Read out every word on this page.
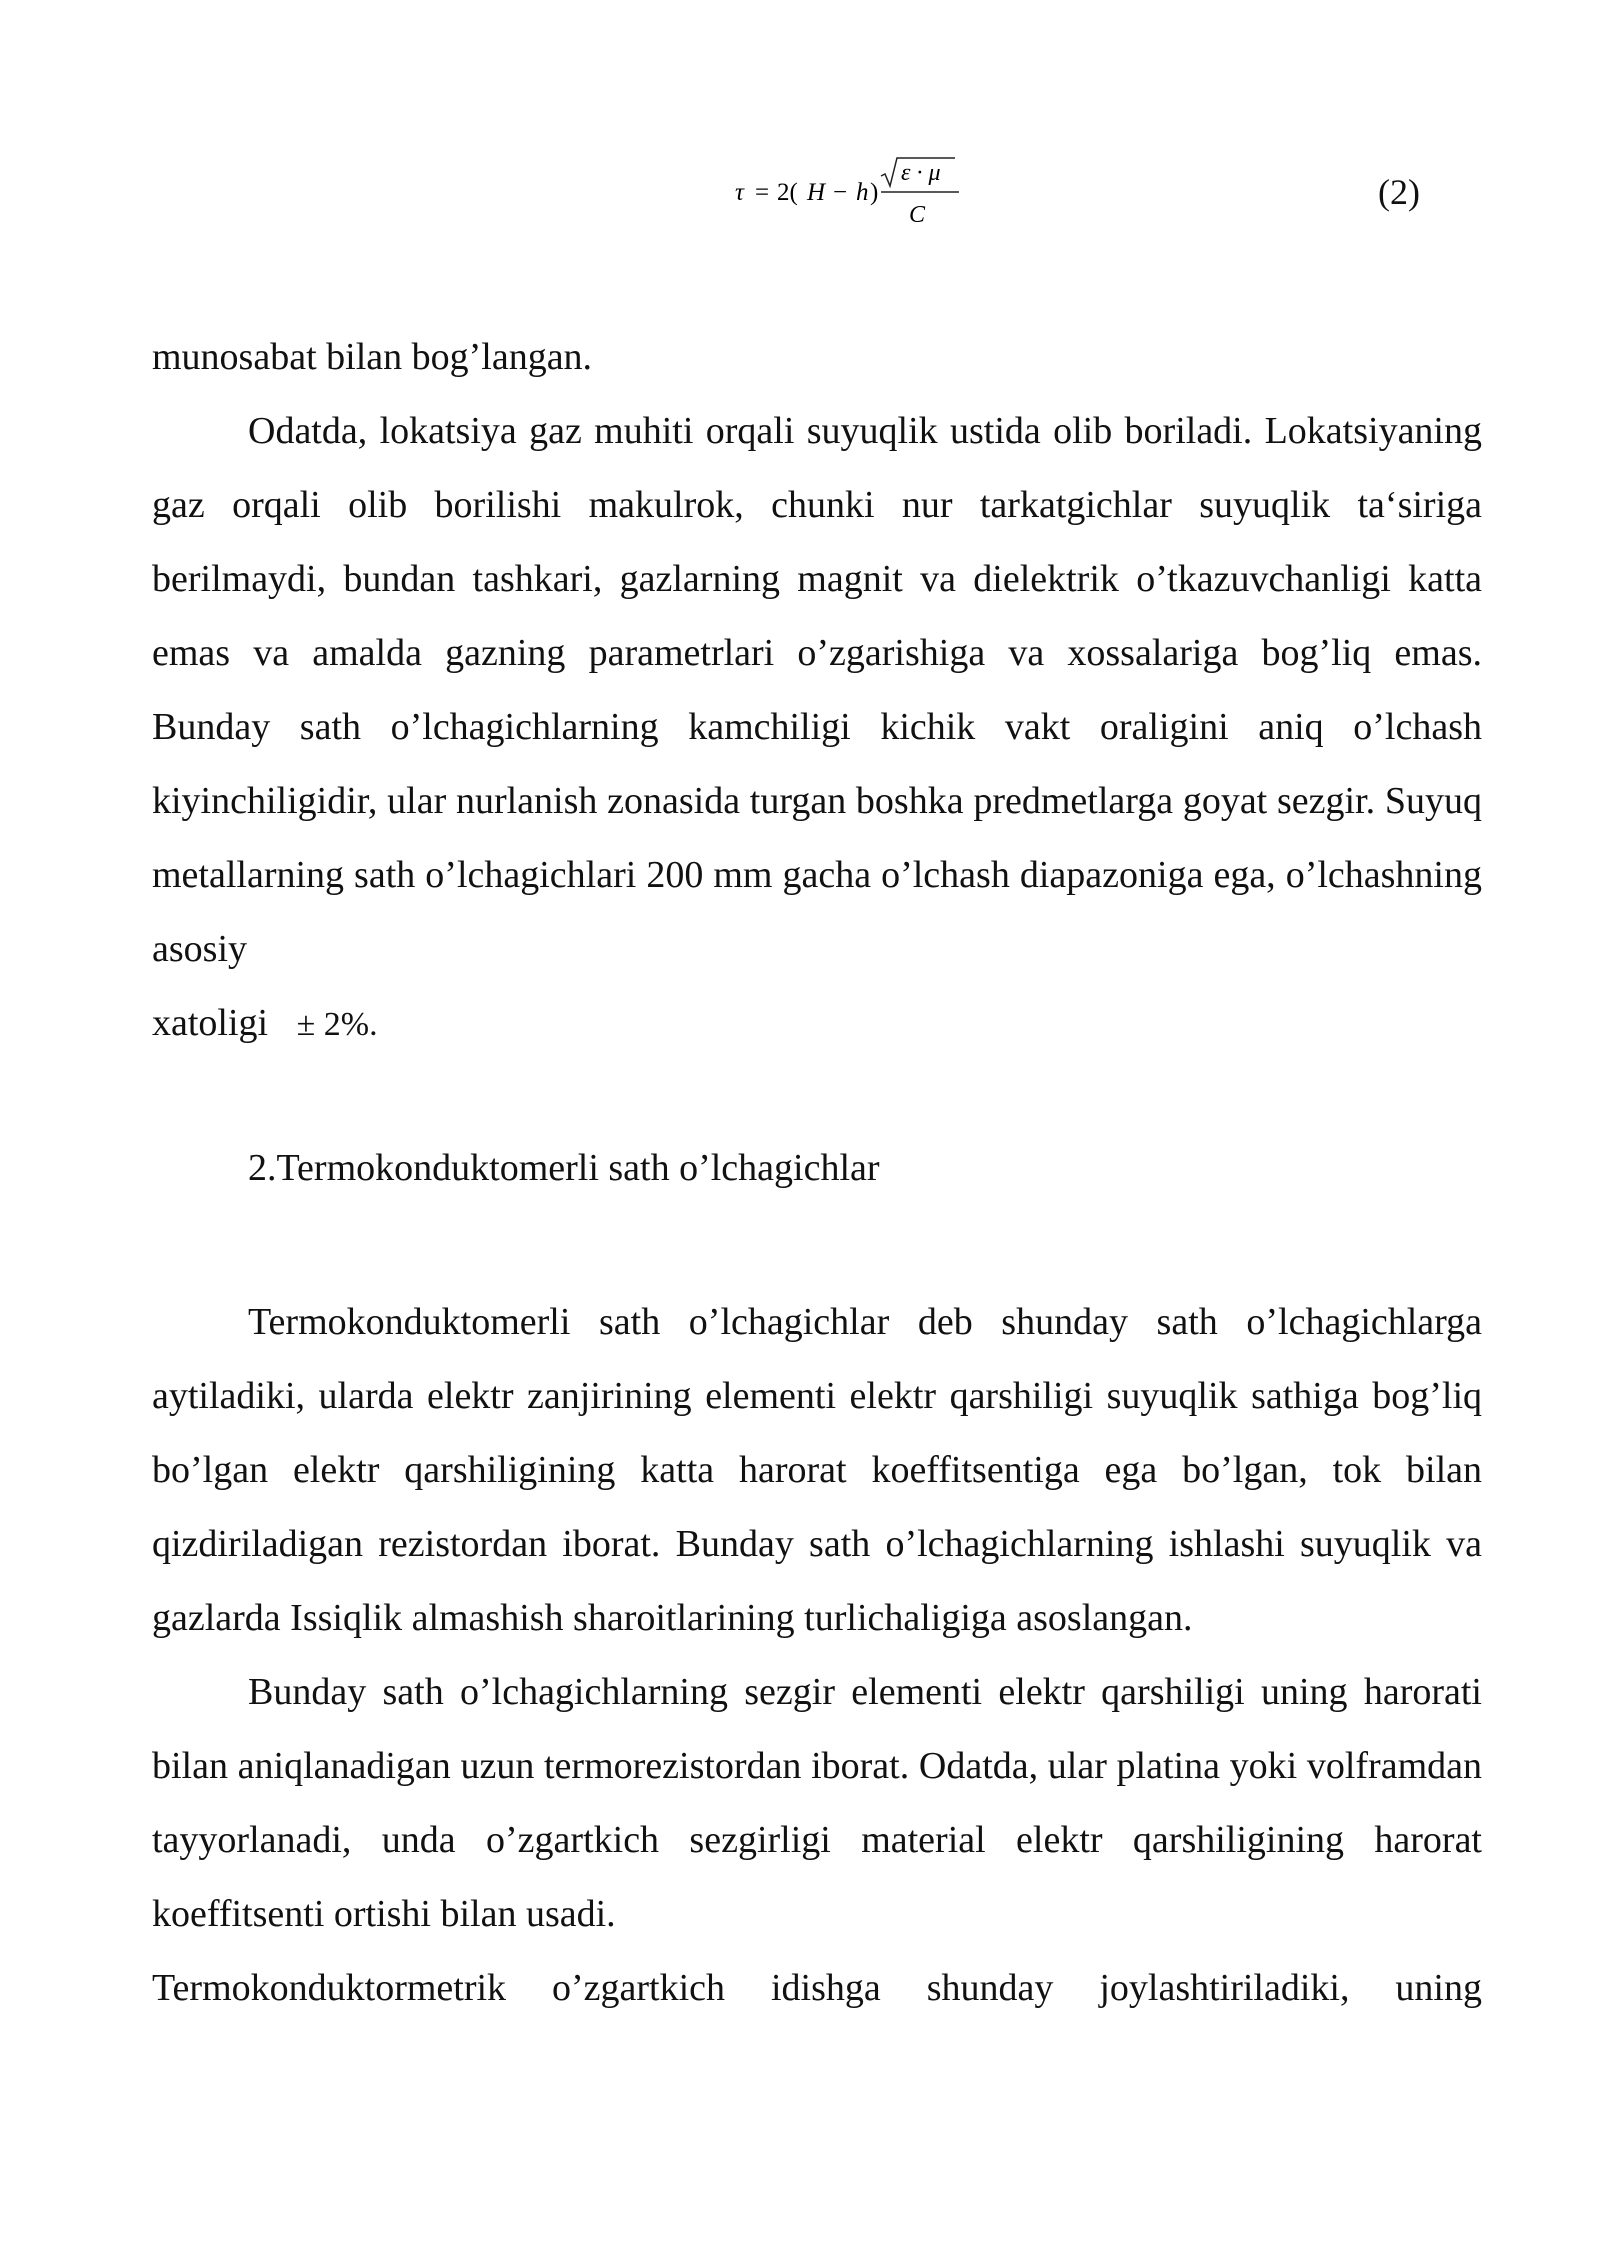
τ = 2( H − h )
ε · μ
C
(2)

munosabat bilan bog’langan.

Odatda, lokatsiya gaz muhiti orqali suyuqlik ustida olib boriladi. Lokatsiyaning gaz orqali olib borilishi makulrok, chunki nur tarkatgichlar suyuqlik ta‘siriga berilmaydi, bundan tashkari, gazlarning magnit va dielektrik o’tkazuvchanligi katta emas va amalda gazning parametrlari o’zgarishiga va xossalariga bog’liq emas. Bunday sath o’lchagichlarning kamchiligi kichik vakt oraligini aniq o’lchash kiyinchiligidir, ular nurlanish zonasida turgan boshka predmetlarga goyat sezgir. Suyuq metallarning sath o’lchagichlari 200 mm gacha o’lchash diapazoniga ega, o’lchashning asosiy

xatoligi ± 2%.

2.Termokonduktomerli sath o’lchagichlar

Termokonduktomerli sath o’lchagichlar deb shunday sath o’lchagichlarga aytiladiki, ularda elektr zanjirining elementi elektr qarshiligi suyuqlik sathiga bog’liq bo’lgan elektr qarshiligining katta harorat koeffitsentiga ega bo’lgan, tok bilan qizdiriladigan rezistordan iborat. Bunday sath o’lchagichlarning ishlashi suyuqlik va gazlarda Issiqlik almashish sharoitlarining turlichaligiga asoslangan.

Bunday sath o’lchagichlarning sezgir elementi elektr qarshiligi uning harorati bilan aniqlanadigan uzun termorezistordan iborat. Odatda, ular platina yoki volframdan tayyorlanadi, unda o’zgartkich sezgirligi material elektr qarshiligining harorat koeffitsenti ortishi bilan usadi.

Termokonduktormetrik o’zgartkich idishga shunday joylashtiriladiki, uning
